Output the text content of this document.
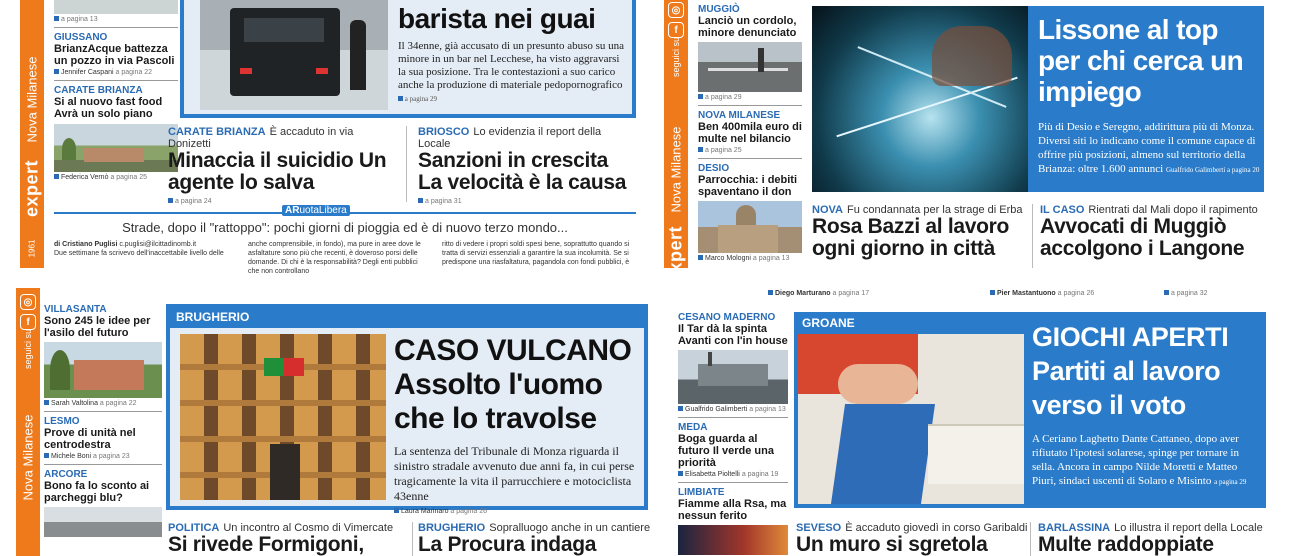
expert
Nova Milanese
1961
a pagina 13
GIUSSANO
BrianzAcque battezza un pozzo in via Pascoli
Jennifer Caspani a pagina 22
CARATE BRIANZA
Si al nuovo fast food Avrà un solo piano
Federica Vernò a pagina 25
barista nei guai
Il 34enne, già accusato di un presunto abuso su una minore in un bar nel Lecchese, ha visto aggravarsi la sua posizione. Tra le contestazioni a suo carico anche la produzione di materiale pedopornografico  a pagina 29
CARATE BRIANZA È accaduto in via Donizetti
Minaccia il suicidio Un agente lo salva
a pagina 24
BRIOSCO Lo evidenzia il report della Locale
Sanzioni in crescita La velocità è la causa
a pagina 31
ARuotaLibera
Strade, dopo il "rattoppo": pochi giorni di pioggia ed è di nuovo terzo mondo...
di Cristiano Puglisi c.puglisi@ilcittadinomb.it
Due settimane fa scrivevo dell'inaccettabile livello delle
anche comprensibile, in fondo), ma pure in aree dove le asfaltature sono più che recenti, è doveroso porsi delle domande. Di chi è la responsabilità? Degli enti pubblici che non controllano
ritto di vedere i propri soldi spesi bene, soprattutto quando si tratta di servizi essenziali a garantire la sua incolumità. Se si predispone una riasfaltatura, pagandola con fondi pubblici, è
◎
f
seguici su
Nova Milanese
expert
MUGGIÒ
Lanciò un cordolo, minore denunciato
a pagina 29
NOVA MILANESE
Ben 400mila euro di multe nel bilancio
a pagina 25
DESIO
Parrocchia: i debiti spaventano il don
Marco Mologni a pagina 13
Lissone al top per chi cerca un impiego
Più di Desio e Seregno, addirittura più di Monza. Diversi siti lo indicano come il comune capace di offrire più posizioni, almeno sul territorio della Brianza: oltre 1.600 annunci Gualfrido Galimberti a pagina 20
NOVA Fu condannata per la strage di Erba
Rosa Bazzi al lavoro ogni giorno in città
IL CASO Rientrati dal Mali dopo il rapimento
Avvocati di Muggiò accolgono i Langone
◎
f
seguici su
Nova Milanese
VILLASANTA
Sono 245 le idee per l'asilo del futuro
Sarah Valtolina a pagina 22
LESMO
Prove di unità nel centrodestra
Michele Boni a pagina 23
ARCORE
Bono fa lo sconto ai parcheggi blu?
BRUGHERIO
CASO VULCANO
Assolto l'uomo che lo travolse
La sentenza del Tribunale di Monza riguarda il sinistro stradale avvenuto due anni fa, in cui perse tragicamente la vita il parrucchiere e motociclista 43enne
Laura Marinaro a pagina 26
POLITICA Un incontro al Cosmo di Vimercate
Si rivede Formigoni,
BRUGHERIO Sopralluogo anche in un cantiere
La Procura indaga
Diego Marturano a pagina 17	Pier Mastantuono a pagina 26	a pagina 32
CESANO MADERNO
Il Tar dà la spinta Avanti con l'in house
Gualfrido Galimberti a pagina 13
MEDA
Boga guarda al futuro Il verde una priorità
Elisabetta Pioltelli a pagina 19
LIMBIATE
Fiamme alla Rsa, ma nessun ferito
GROANE	GIOCHI APERTI Partiti al lavoro verso il voto
A Ceriano Laghetto Dante Cattaneo, dopo aver rifiutato l'ipotesi solarese, spinge per tornare in sella. Ancora in campo Nilde Moretti e Matteo Piuri, sindaci uscenti di Solaro e Misinto a pagina 29
SEVESO È accaduto giovedì in corso Garibaldi
Un muro si sgretola
BARLASSINA Lo illustra il report della Locale
Multe raddoppiate
